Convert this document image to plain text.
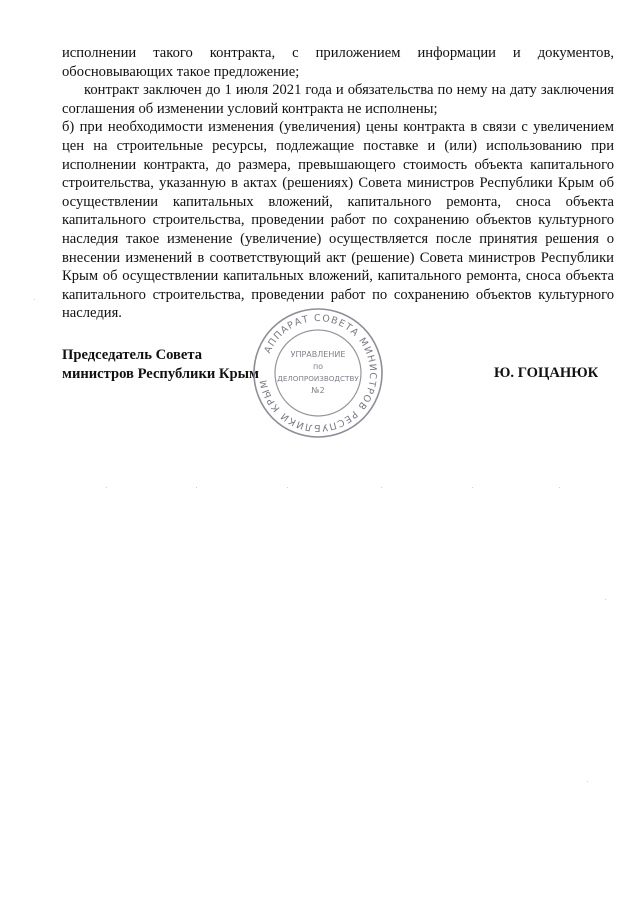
исполнении такого контракта, с приложением информации и документов, обосновывающих такое предложение;

контракт заключен до 1 июля 2021 года и обязательства по нему на дату заключения соглашения об изменении условий контракта не исполнены;

б) при необходимости изменения (увеличения) цены контракта в связи с увеличением цен на строительные ресурсы, подлежащие поставке и (или) использованию при исполнении контракта, до размера, превышающего стоимость объекта капитального строительства, указанную в актах (решениях) Совета министров Республики Крым об осуществлении капитальных вложений, капитального ремонта, сноса объекта капитального строительства, проведении работ по сохранению объектов культурного наследия такое изменение (увеличение) осуществляется после принятия решения о внесении изменений в соответствующий акт (решение) Совета министров Республики Крым об осуществлении капитальных вложений, капитального ремонта, сноса объекта капитального строительства, проведении работ по сохранению объектов культурного наследия.

Председатель Совета
министров Республики Крым	Ю. ГОЦАНЮК
АППАРАТ СОВЕТА МИНИСТРОВ РЕСПУБЛИКИ КРЫМ
УПРАВЛЕНИЕ
по
ДЕЛОПРОИЗВОДСТВУ
№2
